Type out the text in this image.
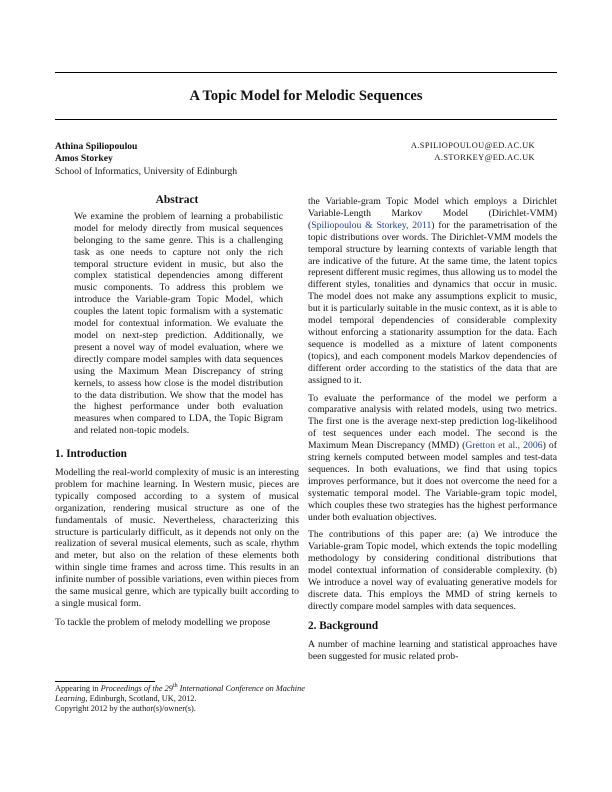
A Topic Model for Melodic Sequences
Athina Spiliopoulou	A.SPILIOPOULOU@ED.AC.UK
Amos Storkey	A.STORKEY@ED.AC.UK
School of Informatics, University of Edinburgh
Abstract

We examine the problem of learning a probabilistic model for melody directly from musical sequences belonging to the same genre. This is a challenging task as one needs to capture not only the rich temporal structure evident in music, but also the complex statistical dependencies among different music components. To address this problem we introduce the Variable-gram Topic Model, which couples the latent topic formalism with a systematic model for contextual information. We evaluate the model on next-step prediction. Additionally, we present a novel way of model evaluation, where we directly compare model samples with data sequences using the Maximum Mean Discrepancy of string kernels, to assess how close is the model distribution to the data distribution. We show that the model has the highest performance under both evaluation measures when compared to LDA, the Topic Bigram and related non-topic models.

1. Introduction

Modelling the real-world complexity of music is an interesting problem for machine learning. In Western music, pieces are typically composed according to a system of musical organization, rendering musical structure as one of the fundamentals of music. Nevertheless, characterizing this structure is particularly difficult, as it depends not only on the realization of several musical elements, such as scale, rhythm and meter, but also on the relation of these elements both within single time frames and across time. This results in an infinite number of possible variations, even within pieces from the same musical genre, which are typically built according to a single musical form.

To tackle the problem of melody modelling we propose

Appearing in Proceedings of the 29th International Conference on Machine Learning, Edinburgh, Scotland, UK, 2012.
Copyright 2012 by the author(s)/owner(s).

the Variable-gram Topic Model which employs a Dirichlet Variable-Length Markov Model (Dirichlet-VMM) (Spiliopoulou & Storkey, 2011) for the parametrisation of the topic distributions over words. The Dirichlet-VMM models the temporal structure by learning contexts of variable length that are indicative of the future. At the same time, the latent topics represent different music regimes, thus allowing us to model the different styles, tonalities and dynamics that occur in music. The model does not make any assumptions explicit to music, but it is particularly suitable in the music context, as it is able to model temporal dependencies of considerable complexity without enforcing a stationarity assumption for the data. Each sequence is modelled as a mixture of latent components (topics), and each component models Markov dependencies of different order according to the statistics of the data that are assigned to it.

To evaluate the performance of the model we perform a comparative analysis with related models, using two metrics. The first one is the average next-step prediction log-likelihood of test sequences under each model. The second is the Maximum Mean Discrepancy (MMD) (Gretton et al., 2006) of string kernels computed between model samples and test-data sequences. In both evaluations, we find that using topics improves performance, but it does not overcome the need for a systematic temporal model. The Variable-gram topic model, which couples these two strategies has the highest performance under both evaluation objectives.

The contributions of this paper are: (a) We introduce the Variable-gram Topic model, which extends the topic modelling methodology by considering conditional distributions that model contextual information of considerable complexity. (b) We introduce a novel way of evaluating generative models for discrete data. This employs the MMD of string kernels to directly compare model samples with data sequences.

2. Background

A number of machine learning and statistical approaches have been suggested for music related prob-
